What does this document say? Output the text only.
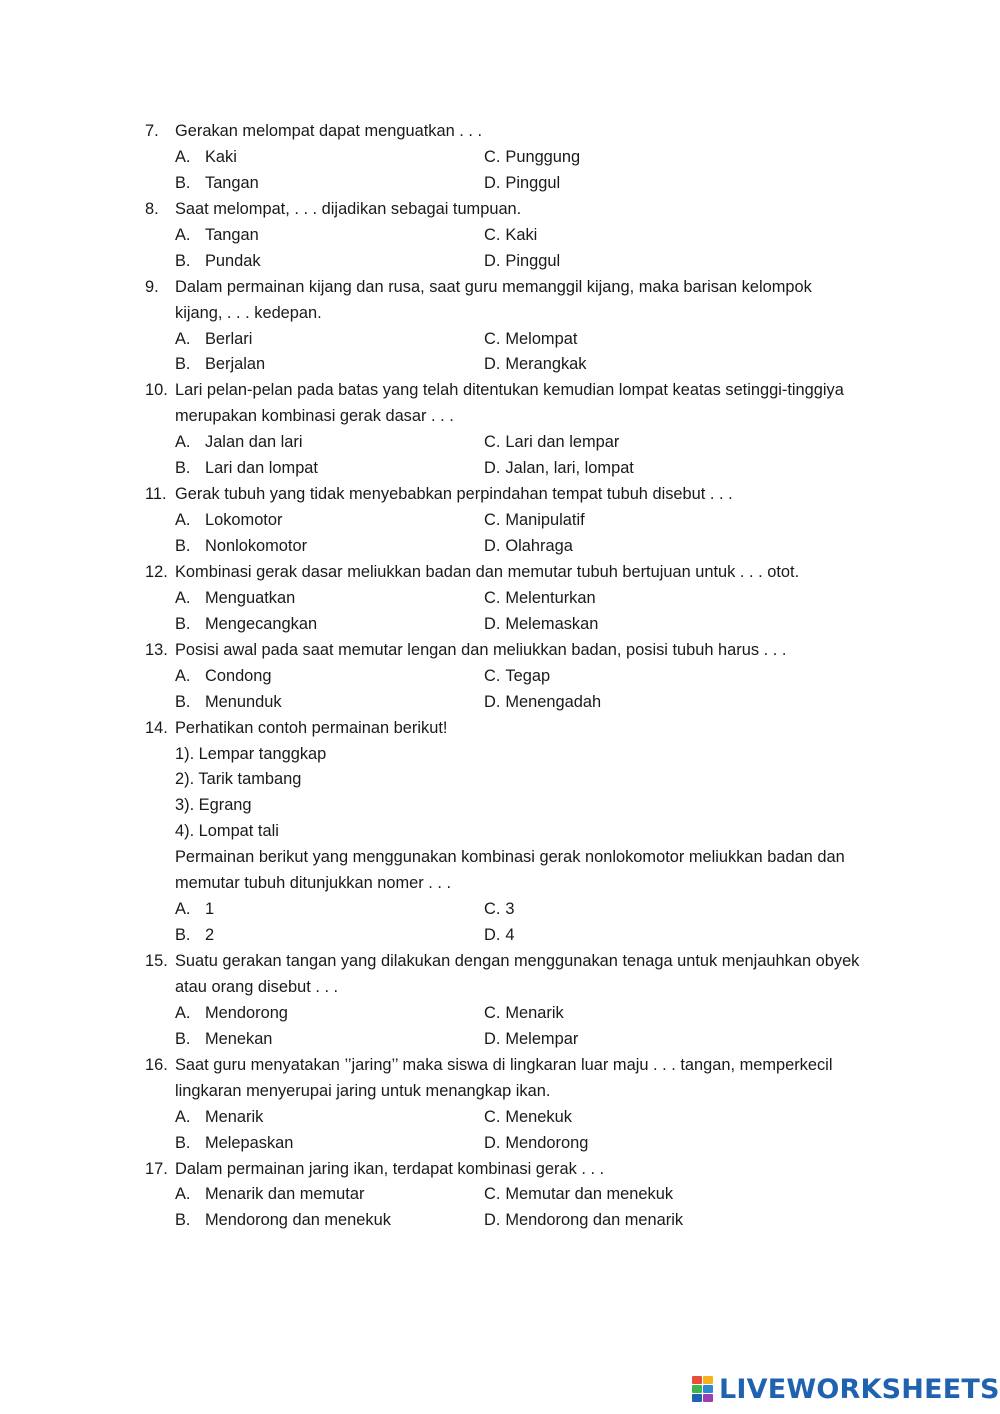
7. Gerakan melompat dapat menguatkan . . .
A. Kaki	C. Punggung
B. Tangan	D. Pinggul
8. Saat melompat, . . . dijadikan sebagai tumpuan.
A. Tangan	C. Kaki
B. Pundak	D. Pinggul
9. Dalam permainan kijang dan rusa, saat guru memanggil kijang, maka barisan kelompok
kijang, . . . kedepan.
A. Berlari	C. Melompat
B. Berjalan	D. Merangkak
10. Lari pelan-pelan pada batas yang telah ditentukan kemudian lompat keatas setinggi-tinggiya
merupakan kombinasi gerak dasar . . .
A. Jalan dan lari	C. Lari dan lempar
B. Lari dan lompat	D. Jalan, lari, lompat
11. Gerak tubuh yang tidak menyebabkan perpindahan tempat tubuh disebut . . .
A. Lokomotor	C. Manipulatif
B. Nonlokomotor	D. Olahraga
12. Kombinasi gerak dasar meliukkan badan dan memutar tubuh bertujuan untuk . . . otot.
A. Menguatkan	C. Melenturkan
B. Mengecangkan	D. Melemaskan
13. Posisi awal pada saat memutar lengan dan meliukkan badan, posisi tubuh harus . . .
A. Condong	C. Tegap
B. Menunduk	D. Menengadah
14. Perhatikan contoh permainan berikut!
1). Lempar tanggkap
2). Tarik tambang
3). Egrang
4). Lompat tali
Permainan berikut yang menggunakan kombinasi gerak nonlokomotor meliukkan badan dan
memutar tubuh ditunjukkan nomer . . .
A. 1	C. 3
B. 2	D. 4
15. Suatu gerakan tangan yang dilakukan dengan menggunakan tenaga untuk menjauhkan obyek
atau orang disebut . . .
A. Mendorong	C. Menarik
B. Menekan	D. Melempar
16. Saat guru menyatakan ’’jaring’’ maka siswa di lingkaran luar maju . . . tangan, memperkecil
lingkaran menyerupai jaring untuk menangkap ikan.
A. Menarik	C. Menekuk
B. Melepaskan	D. Mendorong
17. Dalam permainan jaring ikan, terdapat kombinasi gerak . . .
A. Menarik dan memutar	C. Memutar dan menekuk
B. Mendorong dan menekuk	D. Mendorong dan menarik
LIVEWORKSHEETS
